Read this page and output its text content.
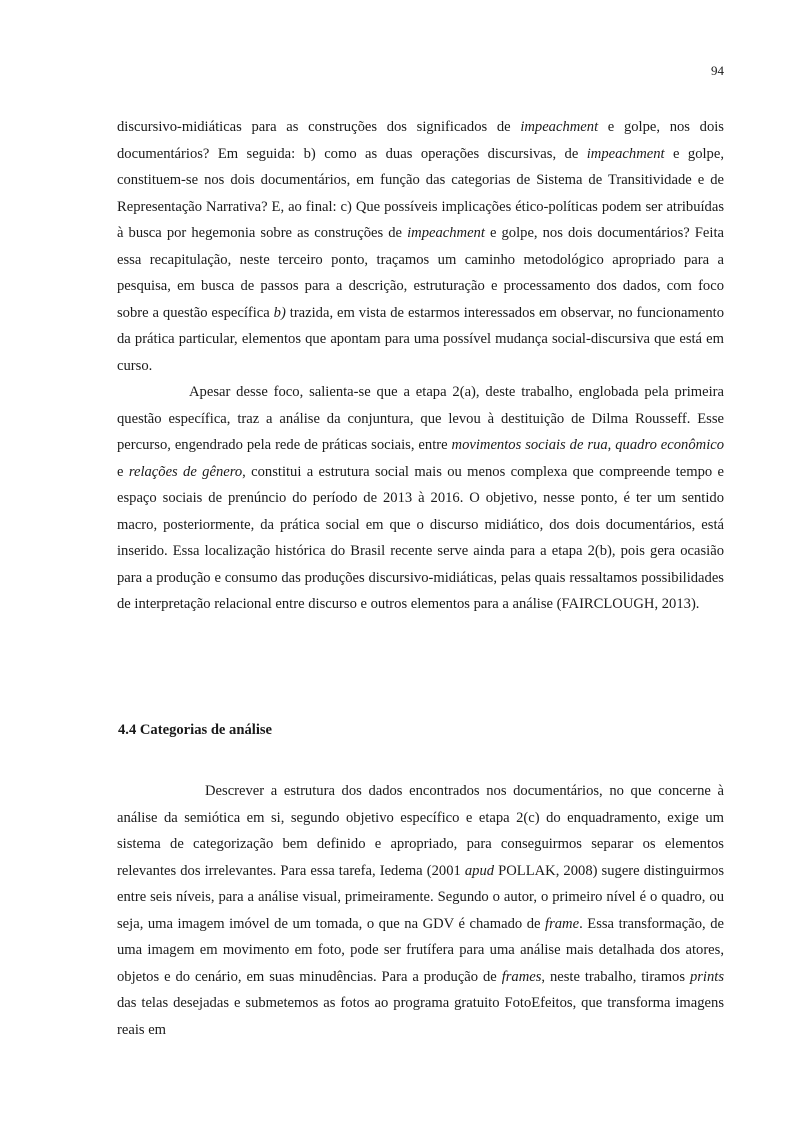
94

discursivo-midiáticas para as construções dos significados de impeachment e golpe, nos dois documentários? Em seguida: b) como as duas operações discursivas, de impeachment e golpe, constituem-se nos dois documentários, em função das categorias de Sistema de Transitividade e de Representação Narrativa? E, ao final: c) Que possíveis implicações ético-políticas podem ser atribuídas à busca por hegemonia sobre as construções de impeachment e golpe, nos dois documentários? Feita essa recapitulação, neste terceiro ponto, traçamos um caminho metodológico apropriado para a pesquisa, em busca de passos para a descrição, estruturação e processamento dos dados, com foco sobre a questão específica b) trazida, em vista de estarmos interessados em observar, no funcionamento da prática particular, elementos que apontam para uma possível mudança social-discursiva que está em curso.

Apesar desse foco, salienta-se que a etapa 2(a), deste trabalho, englobada pela primeira questão específica, traz a análise da conjuntura, que levou à destituição de Dilma Rousseff. Esse percurso, engendrado pela rede de práticas sociais, entre movimentos sociais de rua, quadro econômico e relações de gênero, constitui a estrutura social mais ou menos complexa que compreende tempo e espaço sociais de prenúncio do período de 2013 à 2016. O objetivo, nesse ponto, é ter um sentido macro, posteriormente, da prática social em que o discurso midiático, dos dois documentários, está inserido. Essa localização histórica do Brasil recente serve ainda para a etapa 2(b), pois gera ocasião para a produção e consumo das produções discursivo-midiáticas, pelas quais ressaltamos possibilidades de interpretação relacional entre discurso e outros elementos para a análise (FAIRCLOUGH, 2013).

4.4 Categorias de análise

Descrever a estrutura dos dados encontrados nos documentários, no que concerne à análise da semiótica em si, segundo objetivo específico e etapa 2(c) do enquadramento, exige um sistema de categorização bem definido e apropriado, para conseguirmos separar os elementos relevantes dos irrelevantes. Para essa tarefa, Iedema (2001 apud POLLAK, 2008) sugere distinguirmos entre seis níveis, para a análise visual, primeiramente. Segundo o autor, o primeiro nível é o quadro, ou seja, uma imagem imóvel de um tomada, o que na GDV é chamado de frame. Essa transformação, de uma imagem em movimento em foto, pode ser frutífera para uma análise mais detalhada dos atores, objetos e do cenário, em suas minudências. Para a produção de frames, neste trabalho, tiramos prints das telas desejadas e submetemos as fotos ao programa gratuito FotoEfeitos, que transforma imagens reais em
